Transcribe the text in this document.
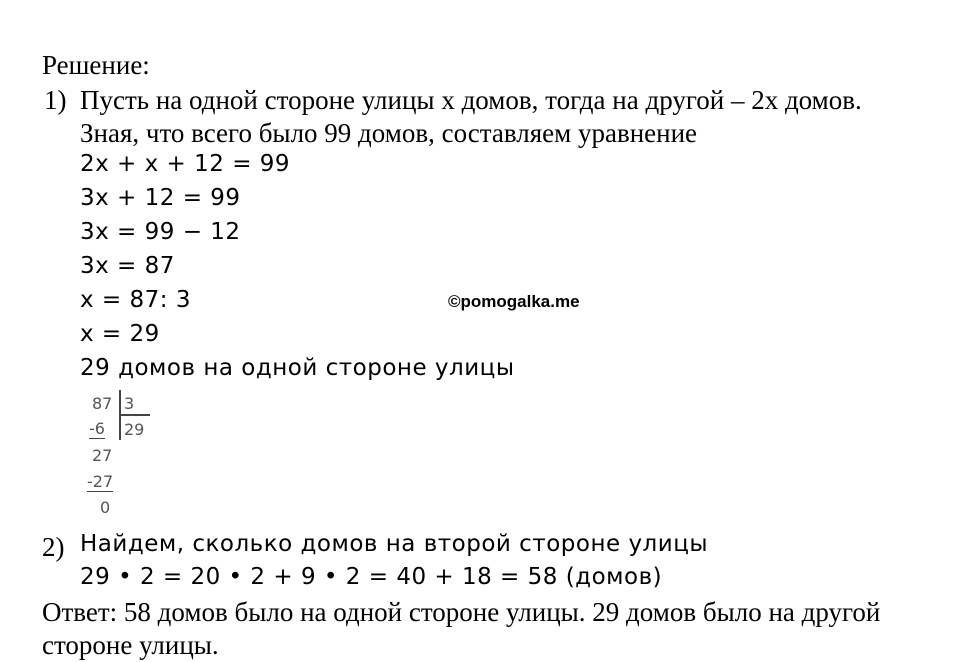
Решение:
1) Пусть на одной стороне улицы х домов, тогда на другой – 2х домов.
Зная, что всего было 99 домов, составляем уравнение
2x + x + 12 = 99
3x + 12 = 99
3x = 99 − 12
3x = 87
x = 87: 3
x = 29
29 домов на одной стороне улицы
©pomogalka.me
87 3
29
-6
27
-27
0
2) Найдем, сколько домов на второй стороне улицы
29 • 2 = 20 • 2 + 9 • 2 = 40 + 18 = 58 (домов)
Ответ: 58 домов было на одной стороне улицы. 29 домов было на другой
стороне улицы.
